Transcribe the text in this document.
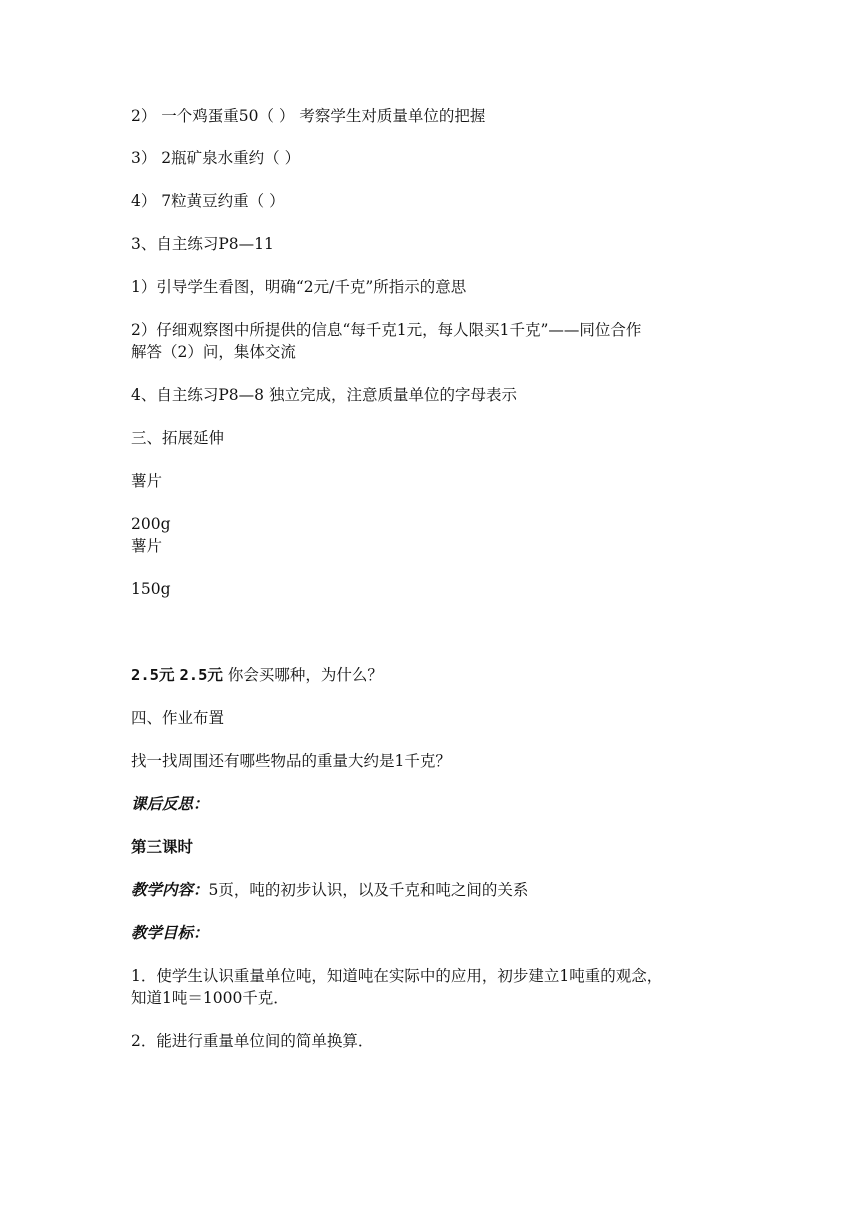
2） 一个鸡蛋重50（ ） 考察学生对质量单位的把握

3） 2瓶矿泉水重约（ ）

4） 7粒黄豆约重（ ）

3、自主练习P8—11

1）引导学生看图，明确“2元/千克”所指示的意思

2）仔细观察图中所提供的信息“每千克1元，每人限买1千克”——同位合作

解答（2）问，集体交流

4、自主练习P8—8 独立完成，注意质量单位的字母表示

三、拓展延伸

薯片

200g

薯片

150g

2.5元 2.5元 你会买哪种，为什么？

四、作业布置

找一找周围还有哪些物品的重量大约是1千克？

课后反思：

第三课时

教学内容：5页，吨的初步认识，以及千克和吨之间的关系

教学目标：

1．使学生认识重量单位吨，知道吨在实际中的应用，初步建立1吨重的观念，

知道1吨＝1000千克．

2．能进行重量单位间的简单换算．
